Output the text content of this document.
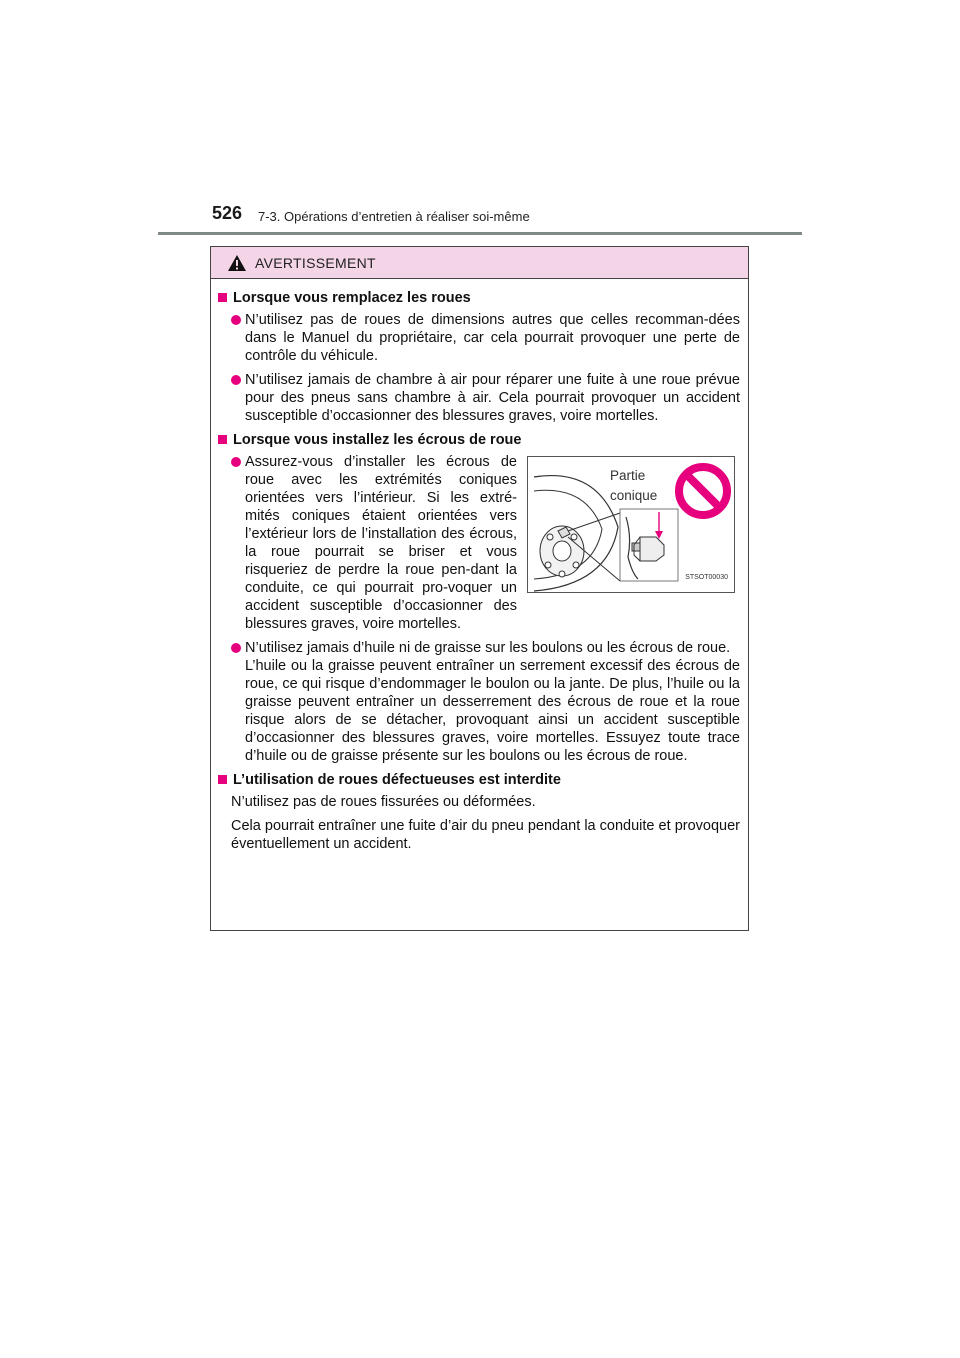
526 7-3. Opérations d’entretien à réaliser soi-même
AVERTISSEMENT
Lorsque vous remplacez les roues
N’utilisez pas de roues de dimensions autres que celles recomman-dées dans le Manuel du propriétaire, car cela pourrait provoquer une perte de contrôle du véhicule.
N’utilisez jamais de chambre à air pour réparer une fuite à une roue prévue pour des pneus sans chambre à air. Cela pourrait provoquer un accident susceptible d’occasionner des blessures graves, voire mortelles.
Lorsque vous installez les écrous de roue
Assurez-vous d’installer les écrous de roue avec les extrémités coniques orientées vers l’intérieur. Si les extré-mités coniques étaient orientées vers l’extérieur lors de l’installation des écrous, la roue pourrait se briser et vous risqueriez de perdre la roue pen-dant la conduite, ce qui pourrait pro-voquer un accident susceptible d’occasionner des blessures graves, voire mortelles.
Partie
conique
STSOT00030
N’utilisez jamais d’huile ni de graisse sur les boulons ou les écrous de roue.
L’huile ou la graisse peuvent entraîner un serrement excessif des écrous de roue, ce qui risque d’endommager le boulon ou la jante. De plus, l’huile ou la graisse peuvent entraîner un desserrement des écrous de roue et la roue risque alors de se détacher, provoquant ainsi un accident susceptible d’occasionner des blessures graves, voire mortelles. Essuyez toute trace d’huile ou de graisse présente sur les boulons ou les écrous de roue.
L’utilisation de roues défectueuses est interdite
N’utilisez pas de roues fissurées ou déformées.
Cela pourrait entraîner une fuite d’air du pneu pendant la conduite et provoquer éventuellement un accident.
